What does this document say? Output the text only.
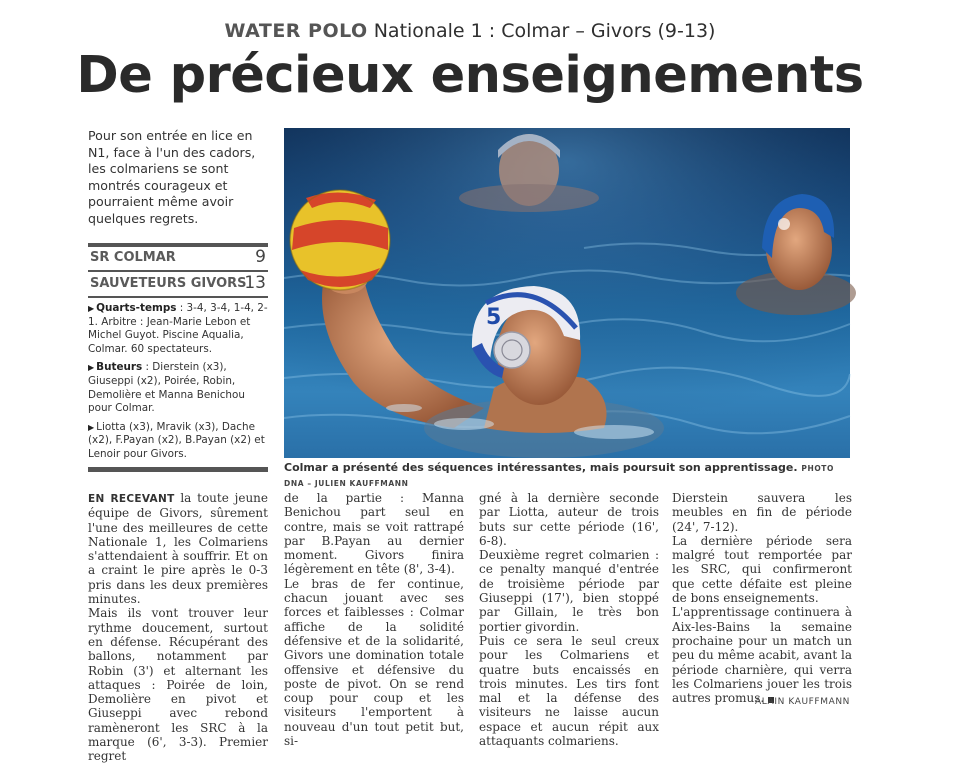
WATER POLO Nationale 1 : Colmar – Givors (9-13)
De précieux enseignements

Pour son entrée en lice en N1, face à l'un des cadors, les colmariens se sont montrés courageux et pourraient même avoir quelques regrets.

SR COLMAR	9
SAUVETEURS GIVORS
13

▶ Quarts-temps : 3-4, 3-4, 1-4, 2-1. Arbitre : Jean-Marie Lebon et Michel Guyot. Piscine Aqualia, Colmar. 60 spectateurs.

▶ Buteurs : Dierstein (x3), Giuseppi (x2), Poirée, Robin, Demolière et Manna Benichou pour Colmar.

▶ Liotta (x3), Mravik (x3), Dache (x2), F.Payan (x2), B.Payan (x2) et Lenoir pour Givors.

5
Colmar a présenté des séquences intéressantes, mais poursuit son apprentissage. PHOTO DNA – JULIEN KAUFFMANN

EN RECEVANT la toute jeune équipe de Givors, sûrement l'une des meilleures de cette Nationale 1, les Colmariens s'attendaient à souffrir. Et on a craint le pire après le 0-3 pris dans les deux premières minutes.

Mais ils vont trouver leur rythme doucement, surtout en défense. Récupérant des ballons, notamment par Robin (3') et alternant les attaques : Poirée de loin, Demolière en pivot et Giuseppi avec rebond ramèneront les SRC à la marque (6', 3-3). Premier regret

de la partie : Manna Benichou part seul en contre, mais se voit rattrapé par B.Payan au dernier moment. Givors finira légèrement en tête (8', 3-4).

Le bras de fer continue, chacun jouant avec ses forces et faiblesses : Colmar affiche de la solidité défensive et de la solidarité, Givors une domination totale offensive et défensive du poste de pivot. On se rend coup pour coup et les visiteurs l'emportent à nouveau d'un tout petit but, si-

gné à la dernière seconde par Liotta, auteur de trois buts sur cette période (16', 6-8).

Deuxième regret colmarien : ce penalty manqué d'entrée de troisième période par Giuseppi (17'), bien stoppé par Gillain, le très bon portier givordin.

Puis ce sera le seul creux pour les Colmariens et quatre buts encaissés en trois minutes. Les tirs font mal et la défense des visiteurs ne laisse aucun espace et aucun répit aux attaquants colmariens.

Dierstein sauvera les meubles en fin de période (24', 7-12).

La dernière période sera malgré tout remportée par les SRC, qui confirmeront que cette défaite est pleine de bons enseignements.

L'apprentissage continuera à Aix-les-Bains la semaine prochaine pour un match un peu du même acabit, avant la période charnière, qui verra les Colmariens jouer les trois autres promus.

ALAIN KAUFFMANN
